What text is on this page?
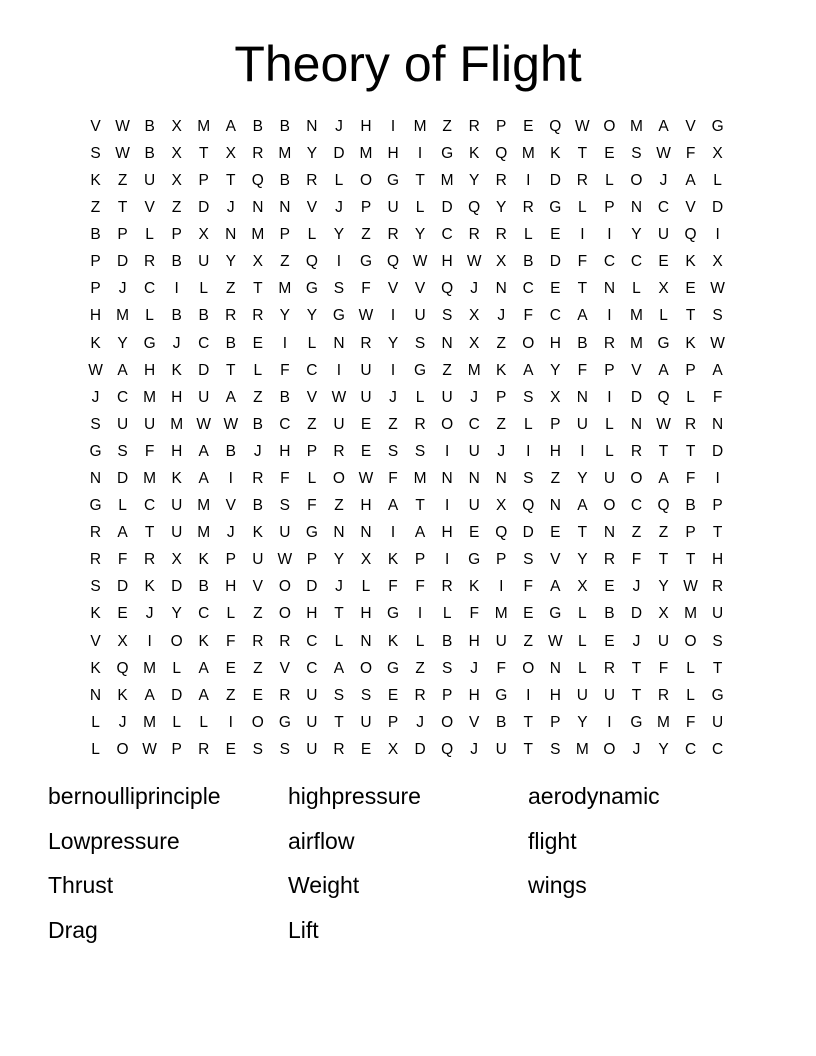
Theory of Flight
V W B	X M A	B	B	N	J	H	I	M	Z	R	P	E	Q W O M A	V	G
S W B	X	T	X	R M Y	D M H	I	G	K	Q M K	T	E	S W F	X
K	Z	U	X	P	T	Q	B	R	L	O G	T	M Y	R	I	D	R	L	O	J	A	L
Z	T	V	Z	D	J	N	N	V	J	P	U	L	D Q	Y	R G	L	P	N	C	V	D
B	P	L	P	X	N M P	L	Y	Z	R	Y	C	R	R	L	E	I	I	Y	U Q	I
P	D	R	B	U	Y	X	Z	Q	I	G Q W H W X	B	D	F	C	C	E	K	X
P	J	C	I	L	Z	T	M G	S	F	V	V	Q	J	N	C	E	T	N	L	X	E W
H M	L	B	B	R	R	Y	Y	G W	I	U	S	X	J	F	C	A	I	M	L	T	S
K	Y	G	J	C	B	E	I	L	N	R	Y	S	N	X	Z	O H	B	R M G	K W
W A	H	K	D	T	L	F	C	I	U	I	G	Z	M K	A	Y	F	P	V	A	P	A
J	C M H	U	A	Z	B	V W U	J	L	U	J	P	S	X	N	I	D Q	L	F
S	U	U M W W B	C	Z	U	E	Z	R O C	Z	L	P	U	L	N W R	N
G	S	F	H	A	B	J	H	P	R	E	S	S	I	U	J	I	H	I	L	R	T	T	D
N	D M K	A	I	R	F	L	O W F	M N	N	N	S	Z	Y	U O	A	F	I
G	L	C	U M V	B	S	F	Z	H	A	T	I	U	X	Q N	A	O C Q	B	P
R	A	T	U M	J	K	U G N	N	I	A	H	E	Q D	E	T	N	Z	Z	P	T
R	F	R	X	K	P	U W P	Y	X	K	P	I	G	P	S	V	Y	R	F	T	T	H
S	D	K	D	B	H	V	O D	J	L	F	F	R	K	I	F	A	X	E	J	Y W R
K	E	J	Y	C	L	Z	O H	T	H G	I	L	F	M E	G	L	B	D	X M U
V	X	I	O	K	F	R	R	C	L	N	K	L	B	H	U	Z W L	E	J	U O	S
K	Q M	L	A	E	Z	V	C	A	O G	Z	S	J	F	O N	L	R	T	F	L	T
N	K	A	D	A	Z	E	R	U	S	S	E	R	P	H G	I	H	U	U	T	R	L	G
L	J	M	L	L	I	O G U	T	U	P	J	O	V	B	T	P	Y	I	G M	F	U
L	O W P	R	E	S	S	U	R	E	X	D Q	J	U	T	S M O	J	Y	C	C
bernoulliprinciple	highpressure	aerodynamic
Lowpressure	airflow	flight
Thrust	Weight	wings
Drag	Lift
